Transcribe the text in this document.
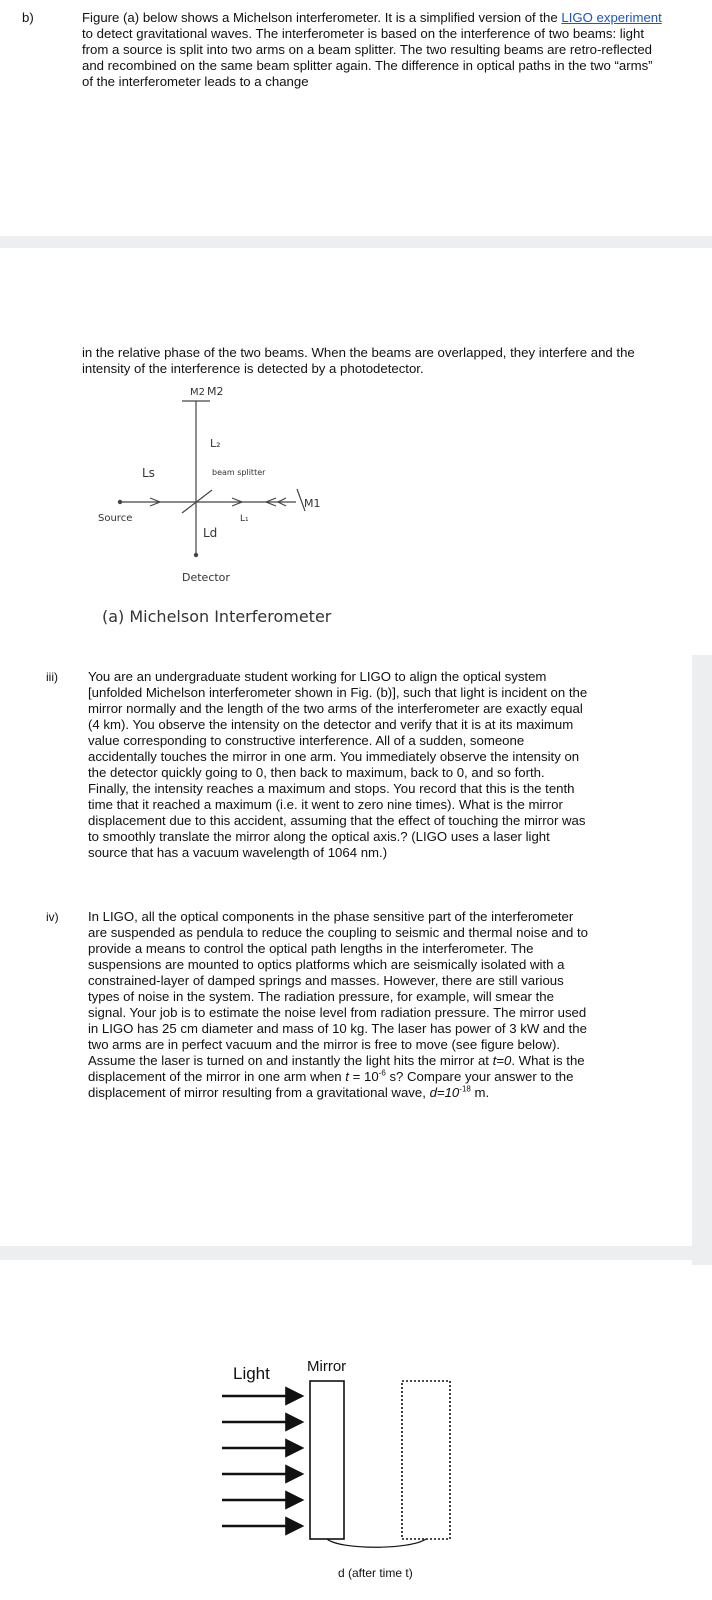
b)	Figure (a) below shows a Michelson interferometer. It is a simplified version of the LIGO experiment to detect gravitational waves. The interferometer is based on the interference of two beams: light from a source is split into two arms on a beam splitter. The two resulting beams are retro-reflected and recombined on the same beam splitter again. The difference in optical paths in the two “arms” of the interferometer leads to a change

in the relative phase of the two beams. When the beams are overlapped, they interfere and the intensity of the interference is detected by a photodetector.

M2 M2
L₂
Ls	beam splitter
M1
Source	L₁
Ld
Detector
(a) Michelson Interferometer
iii) You are an undergraduate student working for LIGO to align the optical system [unfolded Michelson interferometer shown in Fig. (b)], such that light is incident on the mirror normally and the length of the two arms of the interferometer are exactly equal (4 km). You observe the intensity on the detector and verify that it is at its maximum value corresponding to constructive interference. All of a sudden, someone accidentally touches the mirror in one arm. You immediately observe the intensity on the detector quickly going to 0, then back to maximum, back to 0, and so forth. Finally, the intensity reaches a maximum and stops. You record that this is the tenth time that it reached a maximum (i.e. it went to zero nine times). What is the mirror displacement due to this accident, assuming that the effect of touching the mirror was to smoothly translate the mirror along the optical axis.? (LIGO uses a laser light source that has a vacuum wavelength of 1064 nm.)

iv) In LIGO, all the optical components in the phase sensitive part of the interferometer are suspended as pendula to reduce the coupling to seismic and thermal noise and to provide a means to control the optical path lengths in the interferometer. The suspensions are mounted to optics platforms which are seismically isolated with a constrained-layer of damped springs and masses. However, there are still various types of noise in the system. The radiation pressure, for example, will smear the signal. Your job is to estimate the noise level from radiation pressure. The mirror used in LIGO has 25 cm diameter and mass of 10 kg. The laser has power of 3 kW and the two arms are in perfect vacuum and the mirror is free to move (see figure below). Assume the laser is turned on and instantly the light hits the mirror at t=0. What is the displacement of the mirror in one arm when $t = 10^{-6}$ s? Compare your answer to the displacement of mirror resulting from a gravitational wave, $d=10^{-18}$ m.

Light Mirror
d (after time t)
